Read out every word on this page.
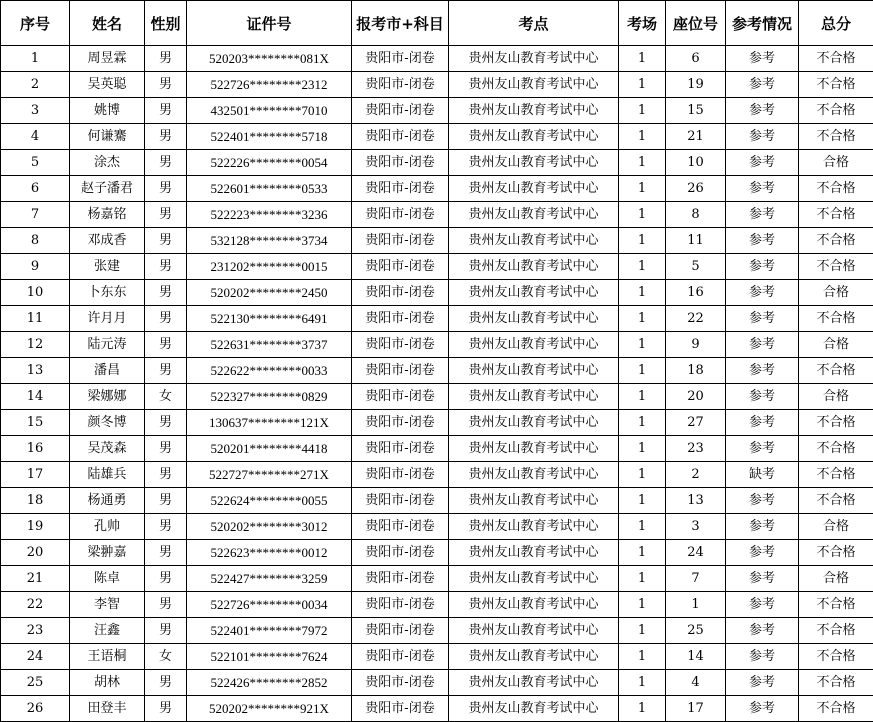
序号	姓名	性别	证件号	报考市+科目	考点	考场	座位号	参考情况	总分
1	周昱霖	男	520203********081X	贵阳市-闭卷	贵州友山教育考试中心	1	6	参考	不合格
2	吴英聪	男	522726********2312	贵阳市-闭卷	贵州友山教育考试中心	1	19	参考	不合格
3	姚博	男	432501********7010	贵阳市-闭卷	贵州友山教育考试中心	1	15	参考	不合格
4	何谦騫	男	522401********5718	贵阳市-闭卷	贵州友山教育考试中心	1	21	参考	不合格
5	涂杰	男	522226********0054	贵阳市-闭卷	贵州友山教育考试中心	1	10	参考	合格
6	赵子潘君	男	522601********0533	贵阳市-闭卷	贵州友山教育考试中心	1	26	参考	不合格
7	杨嘉铭	男	522223********3236	贵阳市-闭卷	贵州友山教育考试中心	1	8	参考	不合格
8	邓成香	男	532128********3734	贵阳市-闭卷	贵州友山教育考试中心	1	11	参考	不合格
9	张建	男	231202********0015	贵阳市-闭卷	贵州友山教育考试中心	1	5	参考	不合格
10	卜东东	男	520202********2450	贵阳市-闭卷	贵州友山教育考试中心	1	16	参考	合格
11	许月月	男	522130********6491	贵阳市-闭卷	贵州友山教育考试中心	1	22	参考	不合格
12	陆元涛	男	522631********3737	贵阳市-闭卷	贵州友山教育考试中心	1	9	参考	合格
13	潘昌	男	522622********0033	贵阳市-闭卷	贵州友山教育考试中心	1	18	参考	不合格
14	梁娜娜	女	522327********0829	贵阳市-闭卷	贵州友山教育考试中心	1	20	参考	合格
15	颜冬博	男	130637********121X	贵阳市-闭卷	贵州友山教育考试中心	1	27	参考	不合格
16	吴茂森	男	520201********4418	贵阳市-闭卷	贵州友山教育考试中心	1	23	参考	不合格
17	陆雄兵	男	522727********271X	贵阳市-闭卷	贵州友山教育考试中心	1	2	缺考	不合格
18	杨通勇	男	522624********0055	贵阳市-闭卷	贵州友山教育考试中心	1	13	参考	不合格
19	孔帅	男	520202********3012	贵阳市-闭卷	贵州友山教育考试中心	1	3	参考	合格
20	梁翀嘉	男	522623********0012	贵阳市-闭卷	贵州友山教育考试中心	1	24	参考	不合格
21	陈卓	男	522427********3259	贵阳市-闭卷	贵州友山教育考试中心	1	7	参考	合格
22	李智	男	522726********0034	贵阳市-闭卷	贵州友山教育考试中心	1	1	参考	不合格
23	汪鑫	男	522401********7972	贵阳市-闭卷	贵州友山教育考试中心	1	25	参考	不合格
24	王语桐	女	522101********7624	贵阳市-闭卷	贵州友山教育考试中心	1	14	参考	不合格
25	胡林	男	522426********2852	贵阳市-闭卷	贵州友山教育考试中心	1	4	参考	不合格
26	田登丰	男	520202********921X	贵阳市-闭卷	贵州友山教育考试中心	1	17	参考	不合格
